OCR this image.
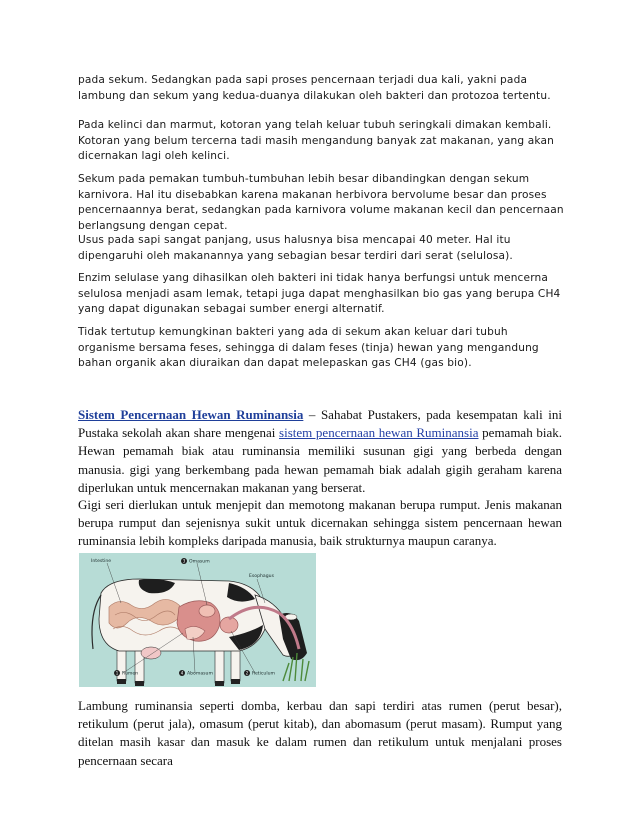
pada sekum. Sedangkan pada sapi proses pencernaan terjadi dua kali, yakni pada lambung dan sekum yang kedua-duanya dilakukan oleh bakteri dan protozoa tertentu.

Pada kelinci dan marmut, kotoran yang telah keluar tubuh seringkali dimakan kembali. Kotoran yang belum tercerna tadi masih mengandung banyak zat makanan, yang akan dicernakan lagi oleh kelinci.

Sekum pada pemakan tumbuh-tumbuhan lebih besar dibandingkan dengan sekum karnivora. Hal itu disebabkan karena makanan herbivora bervolume besar dan proses pencernaannya berat, sedangkan pada karnivora volume makanan kecil dan pencernaan berlangsung dengan cepat.

Usus pada sapi sangat panjang, usus halusnya bisa mencapai 40 meter. Hal itu dipengaruhi oleh makanannya yang sebagian besar terdiri dari serat (selulosa).

Enzim selulase yang dihasilkan oleh bakteri ini tidak hanya berfungsi untuk mencerna selulosa menjadi asam lemak, tetapi juga dapat menghasilkan bio gas yang berupa CH4 yang dapat digunakan sebagai sumber energi alternatif.

Tidak tertutup kemungkinan bakteri yang ada di sekum akan keluar dari tubuh organisme bersama feses, sehingga di dalam feses (tinja) hewan yang mengandung bahan organik akan diuraikan dan dapat melepaskan gas CH4 (gas bio).

Sistem Pencernaan Hewan Ruminansia – Sahabat Pustakers, pada kesempatan kali ini Pustaka sekolah akan share mengenai sistem pencernaan hewan Ruminansia pemamah biak. Hewan pemamah biak atau ruminansia memiliki susunan gigi yang berbeda dengan manusia. gigi yang berkembang pada hewan pemamah biak adalah gigih geraham karena diperlukan untuk mencernakan makanan yang berserat.

Gigi seri dierlukan untuk menjepit dan memotong makanan berupa rumput. Jenis makanan berupa rumput dan sejenisnya sukit untuk dicernakan sehingga sistem pencernaan hewan ruminansia lebih kompleks daripada manusia, baik strukturnya maupun caranya.

Lambung ruminansia seperti domba, kerbau dan sapi terdiri atas rumen (perut besar), retikulum (perut jala), omasum (perut kitab), dan abomasum (perut masam). Rumput yang ditelan masih kasar dan masuk ke dalam rumen dan retikulum untuk menjalani proses pencernaan secara

Intestine	3 Omasum
Esophagus
1 Rumen	4 Abomasum	2 Reticulum
